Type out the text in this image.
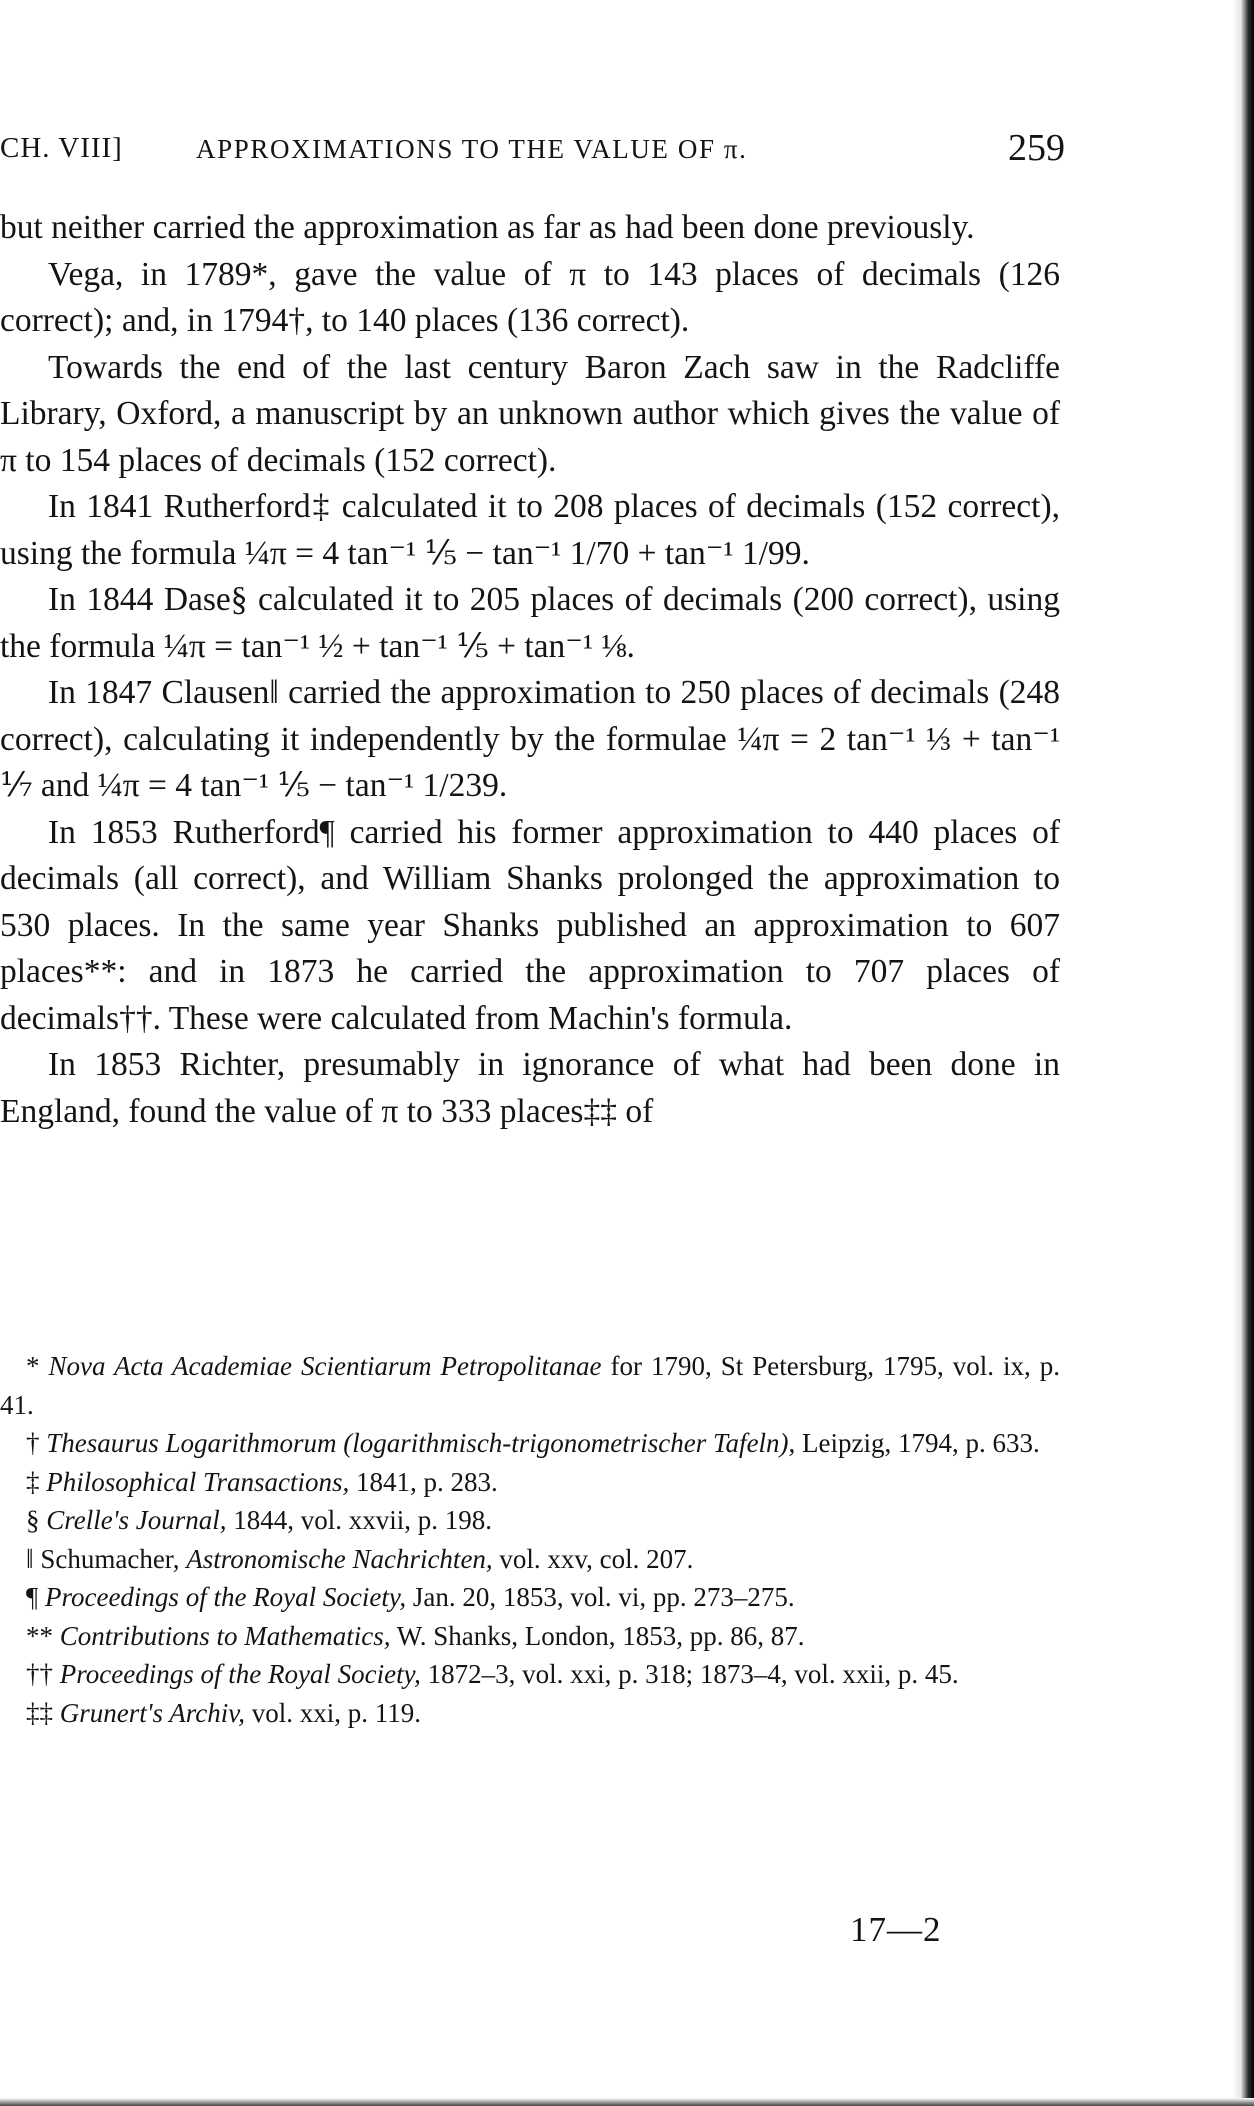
CH. VIII]	APPROXIMATIONS TO THE VALUE OF π.	259

but neither carried the approximation as far as had been done previously.

Vega, in 1789*, gave the value of π to 143 places of decimals (126 correct); and, in 1794†, to 140 places (136 correct).

Towards the end of the last century Baron Zach saw in the Radcliffe Library, Oxford, a manuscript by an unknown author which gives the value of π to 154 places of decimals (152 correct).

In 1841 Rutherford‡ calculated it to 208 places of decimals (152 correct), using the formula ¼π = 4 tan⁻¹ ⅕ − tan⁻¹ 1/70 + tan⁻¹ 1/99.

In 1844 Dase§ calculated it to 205 places of decimals (200 correct), using the formula ¼π = tan⁻¹ ½ + tan⁻¹ ⅕ + tan⁻¹ ⅛.

In 1847 Clausen‖ carried the approximation to 250 places of decimals (248 correct), calculating it independently by the formulae ¼π = 2 tan⁻¹ ⅓ + tan⁻¹ ⅐ and ¼π = 4 tan⁻¹ ⅕ − tan⁻¹ 1/239.

In 1853 Rutherford¶ carried his former approximation to 440 places of decimals (all correct), and William Shanks prolonged the approximation to 530 places. In the same year Shanks published an approximation to 607 places**: and in 1873 he carried the approximation to 707 places of decimals††. These were calculated from Machin's formula.

In 1853 Richter, presumably in ignorance of what had been done in England, found the value of π to 333 places‡‡ of

* Nova Acta Academiae Scientiarum Petropolitanae for 1790, St Petersburg, 1795, vol. ix, p. 41.

† Thesaurus Logarithmorum (logarithmisch-trigonometrischer Tafeln), Leipzig, 1794, p. 633.

‡ Philosophical Transactions, 1841, p. 283.

§ Crelle's Journal, 1844, vol. xxvii, p. 198.

‖ Schumacher, Astronomische Nachrichten, vol. xxv, col. 207.

¶ Proceedings of the Royal Society, Jan. 20, 1853, vol. vi, pp. 273–275.

** Contributions to Mathematics, W. Shanks, London, 1853, pp. 86, 87.

†† Proceedings of the Royal Society, 1872–3, vol. xxi, p. 318; 1873–4, vol. xxii, p. 45.

‡‡ Grunert's Archiv, vol. xxi, p. 119.

17—2
